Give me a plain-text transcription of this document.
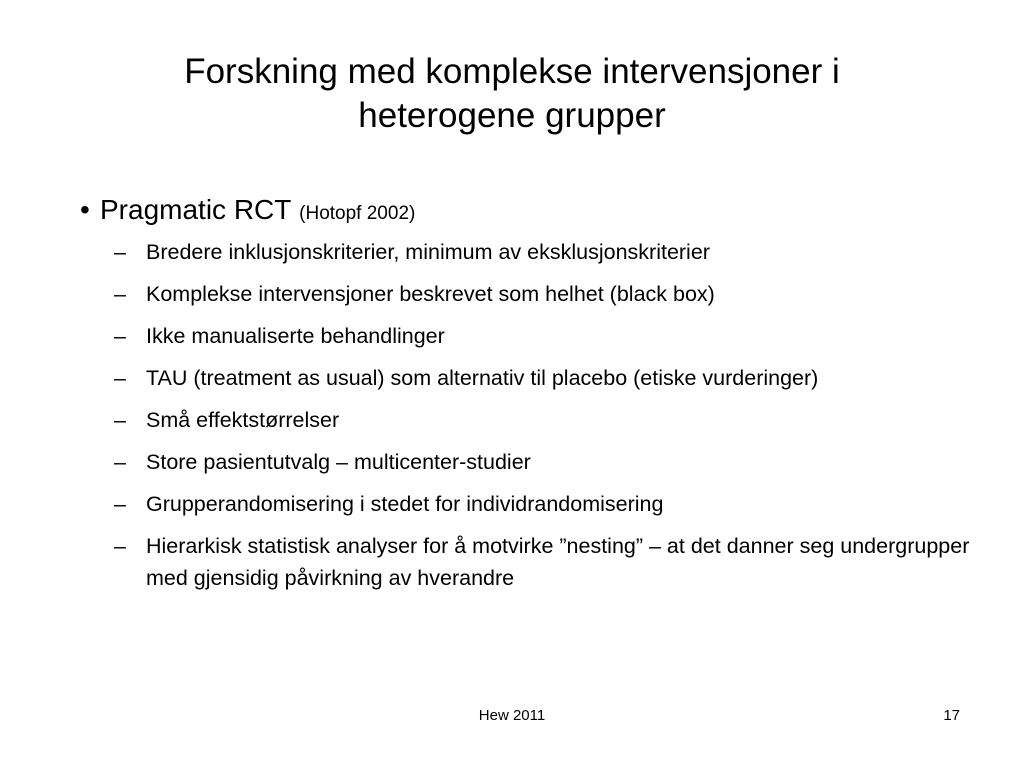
Forskning med komplekse intervensjoner i
heterogene grupper
• Pragmatic RCT (Hotopf 2002)
– Bredere inklusjonskriterier, minimum av eksklusjonskriterier
– Komplekse intervensjoner beskrevet som helhet (black box)
– Ikke manualiserte behandlinger
– TAU (treatment as usual) som alternativ til placebo (etiske vurderinger)
– Små effektstørrelser
– Store pasientutvalg – multicenter-studier
– Grupperandomisering i stedet for individrandomisering
– Hierarkisk statistisk analyser for å motvirke ”nesting” – at det danner seg undergrupper med gjensidig påvirkning av hverandre
Hew 2011	17
